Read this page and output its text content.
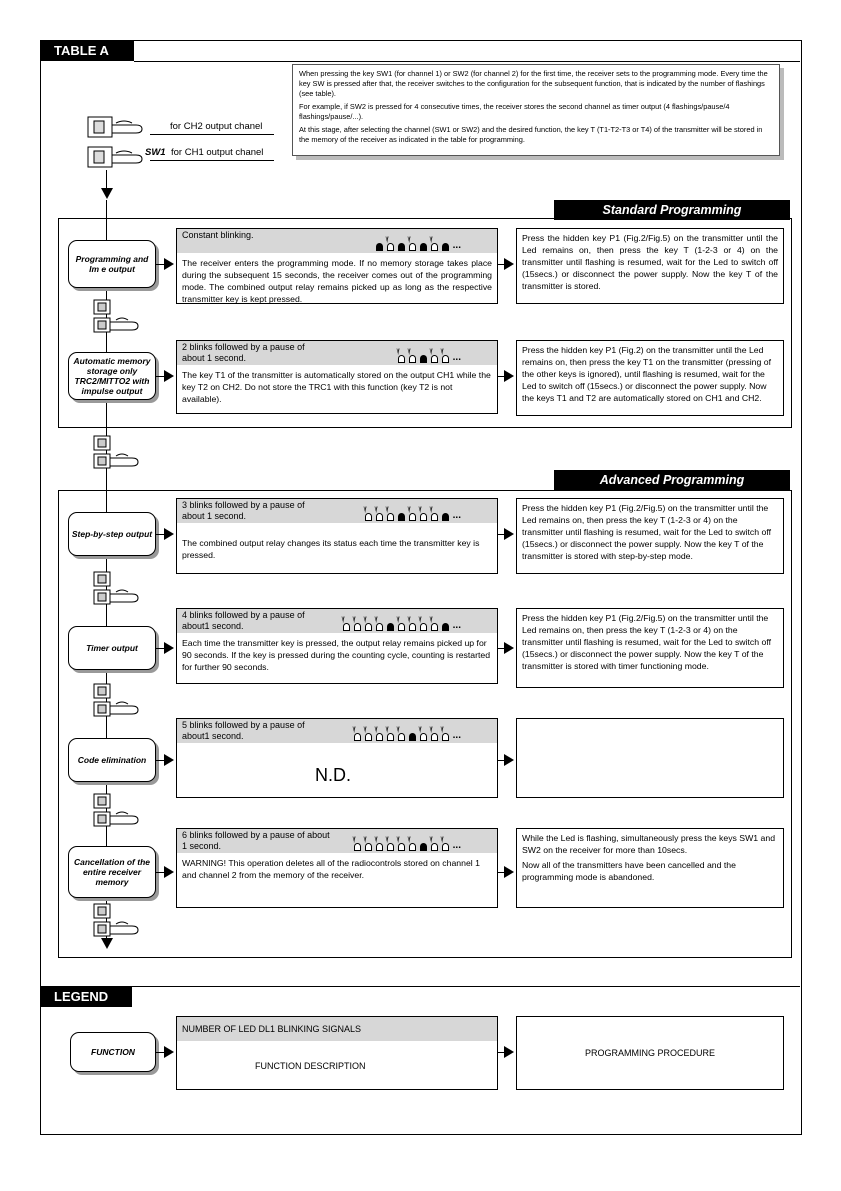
TABLE A

When pressing the key SW1 (for channel 1) or SW2 (for channel 2) for the first time, the receiver sets to the programming mode. Every time the key SW is pressed after that, the receiver switches to the configuration for the subsequent function, that is indicated by the number of flashings (see table).

For example, if SW2 is pressed for 4 consecutive times, the receiver stores the second channel as timer output (4 flashings/pause/4 flashings/pause/...).

At this stage, after selecting the channel (SW1 or SW2) and the desired function, the key T (T1-T2-T3 or T4) of the transmitter will be stored in the memory of the receiver as indicated in the table for programming.

for CH2 output chanel
SW1 for CH1 output chanel
Standard Programming
Advanced Programming
Programming and Im e output
Constant blinking.	\|/	\|/	\|/ ...
The receiver enters the programming mode. If no memory storage takes place during the subsequent 15 seconds, the receiver comes out of the programming mode. The combined output relay remains picked up as long as the respective transmitter key is kept pressed.
Press the hidden key P1 (Fig.2/Fig.5) on the transmitter until the Led remains on, then press the key T (1-2-3 or 4) on the transmitter until flashing is resumed, wait for the Led to switch off (15secs.) or disconnect the power supply. Now the key T of the transmitter is stored.
Automatic memory storage only TRC2/MITTO2 with impulse output
2 blinks followed by a pause of about 1 second.
\|/ \|/	\|/ \|/ ...
The key T1 of the transmitter is automatically stored on the output CH1 while the key T2 on CH2. Do not store the TRC1 with this function (key T2 is not available).
Press the hidden key P1 (Fig.2) on the transmitter until the Led remains on, then press the key T1 on the transmitter (pressing of the other keys is ignored), until flashing is resumed, wait for the Led to switch off (15secs.) or disconnect the power supply. Now the keys T1 and T2 are automatically stored on CH1 and CH2.
Step-by-step output
3 blinks followed by a pause of about 1 second.
\|/ \|/ \|/	\|/ \|/ \|/ ...
The combined output relay changes its status each time the transmitter key is pressed.
Press the hidden key P1 (Fig.2/Fig.5) on the transmitter until the Led remains on, then press the key T (1-2-3 or 4) on the transmitter until flashing is resumed, wait for the Led to switch off (15secs.) or disconnect the power supply. Now the key T of the transmitter is stored with step-by-step mode.
Timer output
4 blinks followed by a pause of about1 second.
\|/ \|/ \|/ \|/	\|/ \|/ \|/ \|/ ...
Each time the transmitter key is pressed, the output relay remains picked up for 90 seconds. If the key is pressed during the counting cycle, counting is restarted for further 90 seconds.
Press the hidden key P1 (Fig.2/Fig.5) on the transmitter until the Led remains on, then press the key T (1-2-3 or 4) on the transmitter until flashing is resumed, wait for the Led to switch off (15secs.) or disconnect the power supply. Now the key T of the transmitter is stored with timer functioning mode.
Code elimination
5 blinks followed by a pause of about1 second.
\|/ \|/ \|/ \|/ \|/	\|/ \|/ \|/ ...
N.D.
Cancellation of the entire receiver memory
6 blinks followed by a pause of about 1 second.
\|/ \|/ \|/ \|/ \|/ \|/	\|/ \|/ ...
WARNING! This operation deletes all of the radiocontrols stored on channel 1 and channel 2 from the memory of the receiver.
While the Led is flashing, simultaneously press the keys SW1 and SW2 on the receiver for more than 10secs.
Now all of the transmitters have been cancelled and the programming mode is abandoned.
LEGEND
FUNCTION
NUMBER OF LED DL1 BLINKING SIGNALS
FUNCTION DESCRIPTION
PROGRAMMING PROCEDURE
